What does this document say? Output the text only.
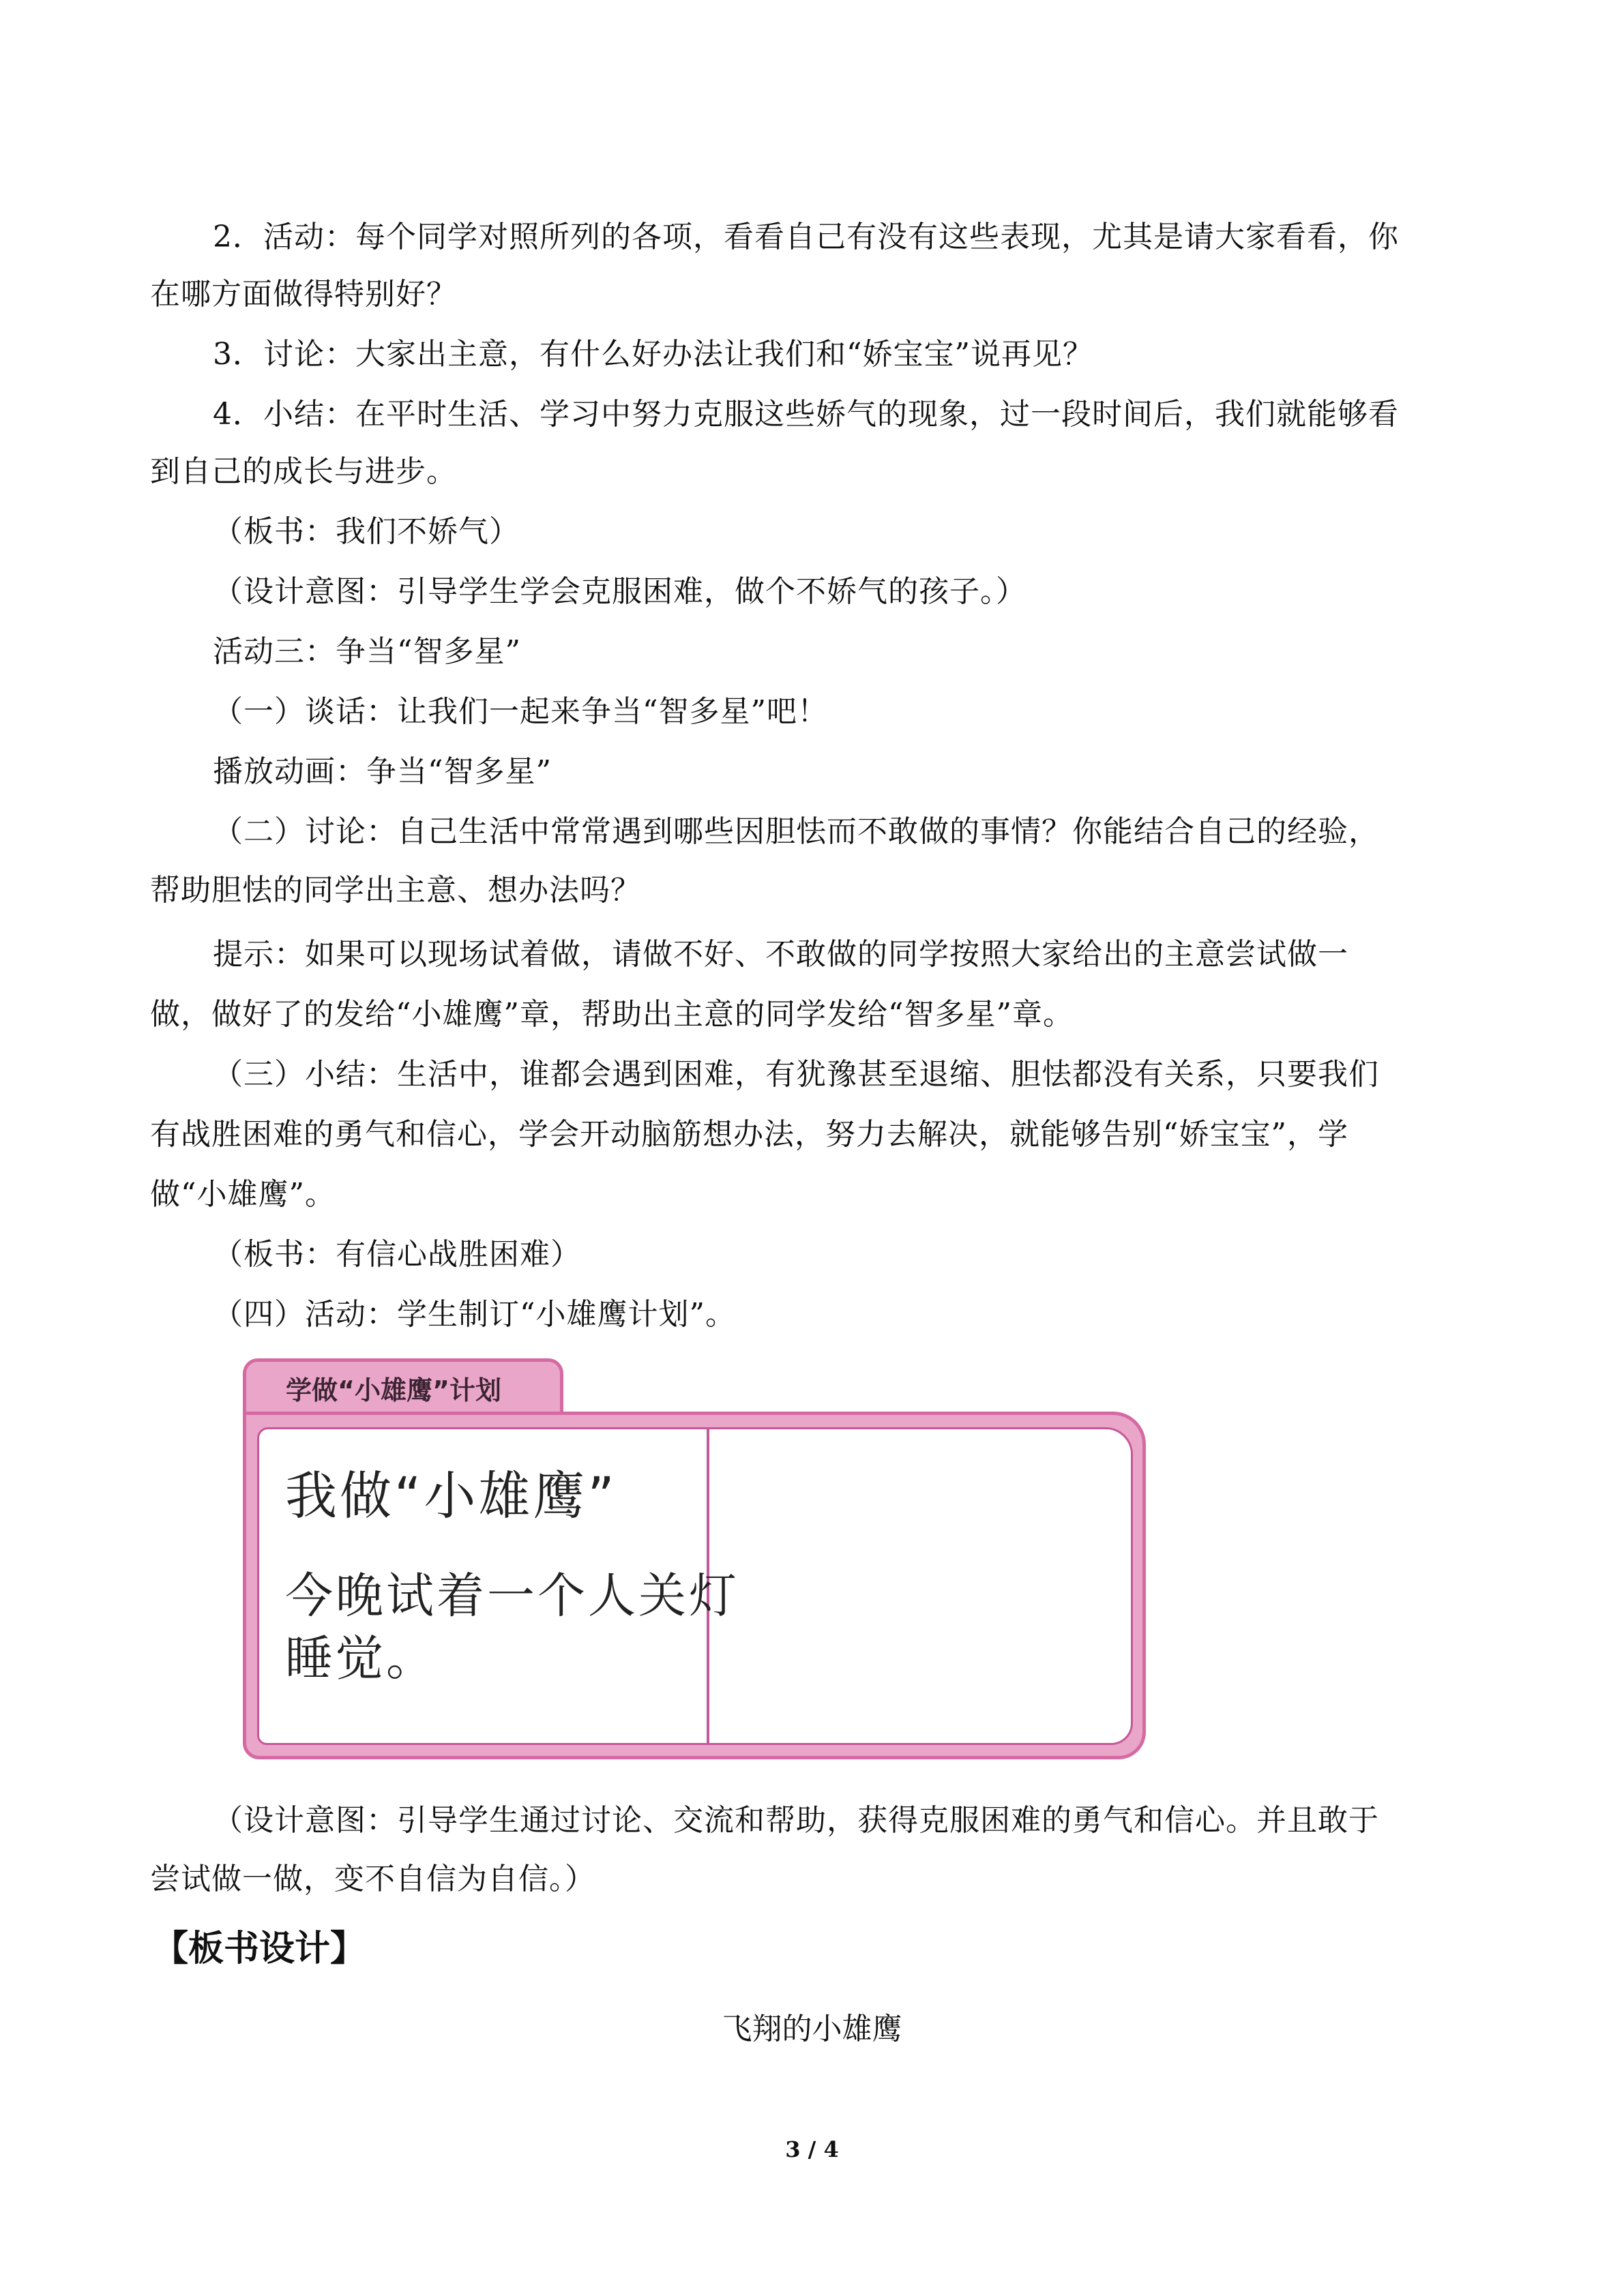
2．活动：每个同学对照所列的各项，看看自己有没有这些表现，尤其是请大家看看，你
在哪方面做得特别好？
3．讨论：大家出主意，有什么好办法让我们和“娇宝宝”说再见？
4．小结：在平时生活、学习中努力克服这些娇气的现象，过一段时间后，我们就能够看
到自己的成长与进步。
（板书：我们不娇气）
（设计意图：引导学生学会克服困难，做个不娇气的孩子。）
活动三：争当“智多星”
（一）谈话：让我们一起来争当“智多星”吧！
播放动画：争当“智多星”
（二）讨论：自己生活中常常遇到哪些因胆怯而不敢做的事情？你能结合自己的经验，
帮助胆怯的同学出主意、想办法吗？
提示：如果可以现场试着做，请做不好、不敢做的同学按照大家给出的主意尝试做一
做，做好了的发给“小雄鹰”章，帮助出主意的同学发给“智多星”章。
（三）小结：生活中，谁都会遇到困难，有犹豫甚至退缩、胆怯都没有关系，只要我们
有战胜困难的勇气和信心，学会开动脑筋想办法，努力去解决，就能够告别“娇宝宝”，学
做“小雄鹰”。
（板书：有信心战胜困难）
（四）活动：学生制订“小雄鹰计划”。
学做“小雄鹰”计划
我做“小雄鹰”
今晚试着一个人关灯
睡觉。
（设计意图：引导学生通过讨论、交流和帮助，获得克服困难的勇气和信心。并且敢于
尝试做一做，变不自信为自信。）
【板书设计】
飞翔的小雄鹰
3 / 4
